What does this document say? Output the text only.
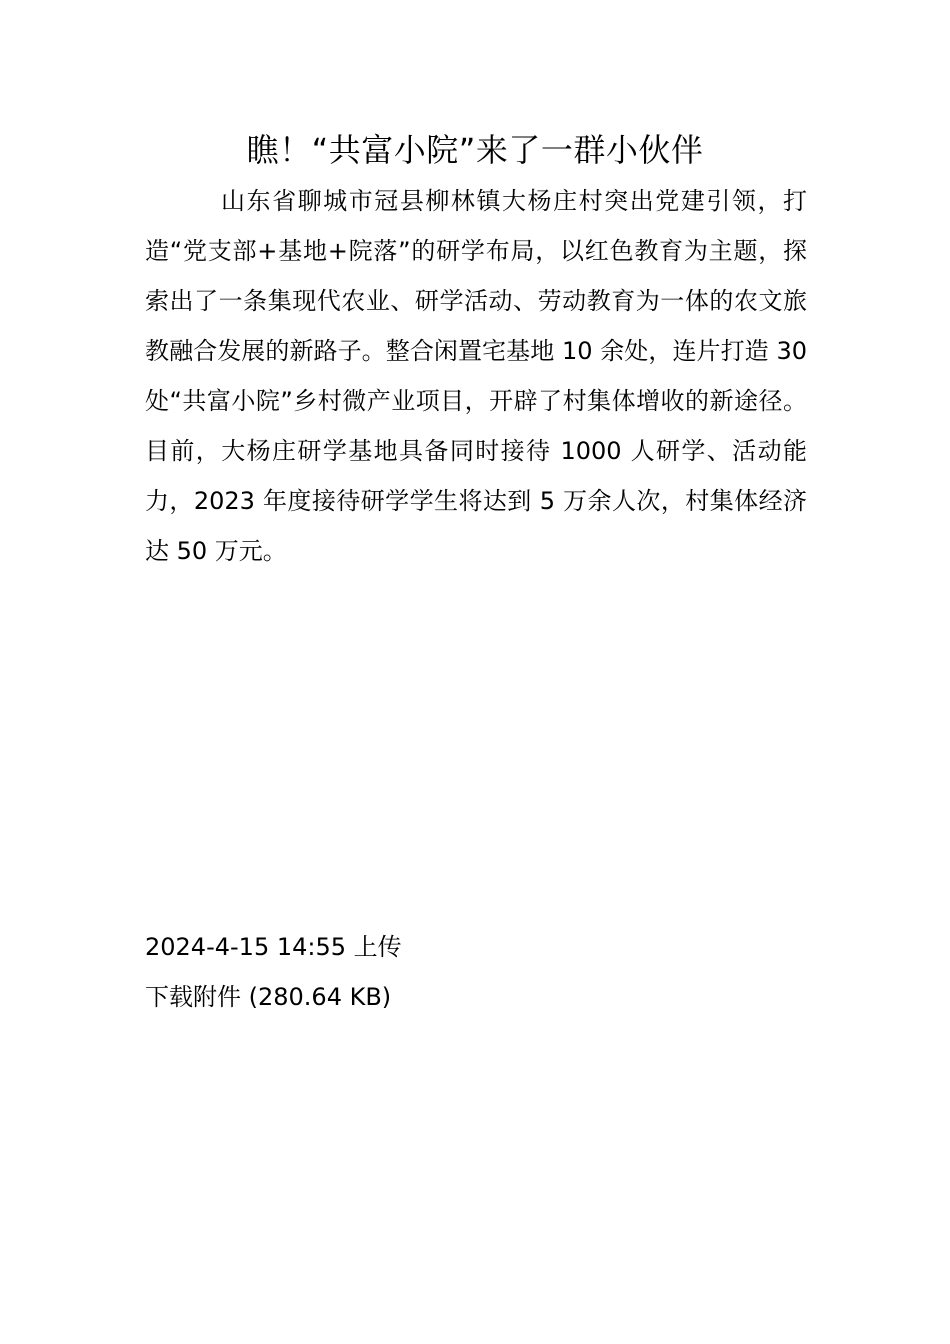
瞧！“共富小院”来了一群小伙伴

山东省聊城市冠县柳林镇大杨庄村突出党建引领，打造“党支部+基地+院落”的研学布局，以红色教育为主题，探索出了一条集现代农业、研学活动、劳动教育为一体的农文旅教融合发展的新路子。整合闲置宅基地 10 余处，连片打造 30 处“共富小院”乡村微产业项目，开辟了村集体增收的新途径。目前，大杨庄研学基地具备同时接待 1000 人研学、活动能力，2023 年度接待研学学生将达到 5 万余人次，村集体经济达 50 万元。

2024-4-15 14:55 上传
下载附件 (280.64 KB)
